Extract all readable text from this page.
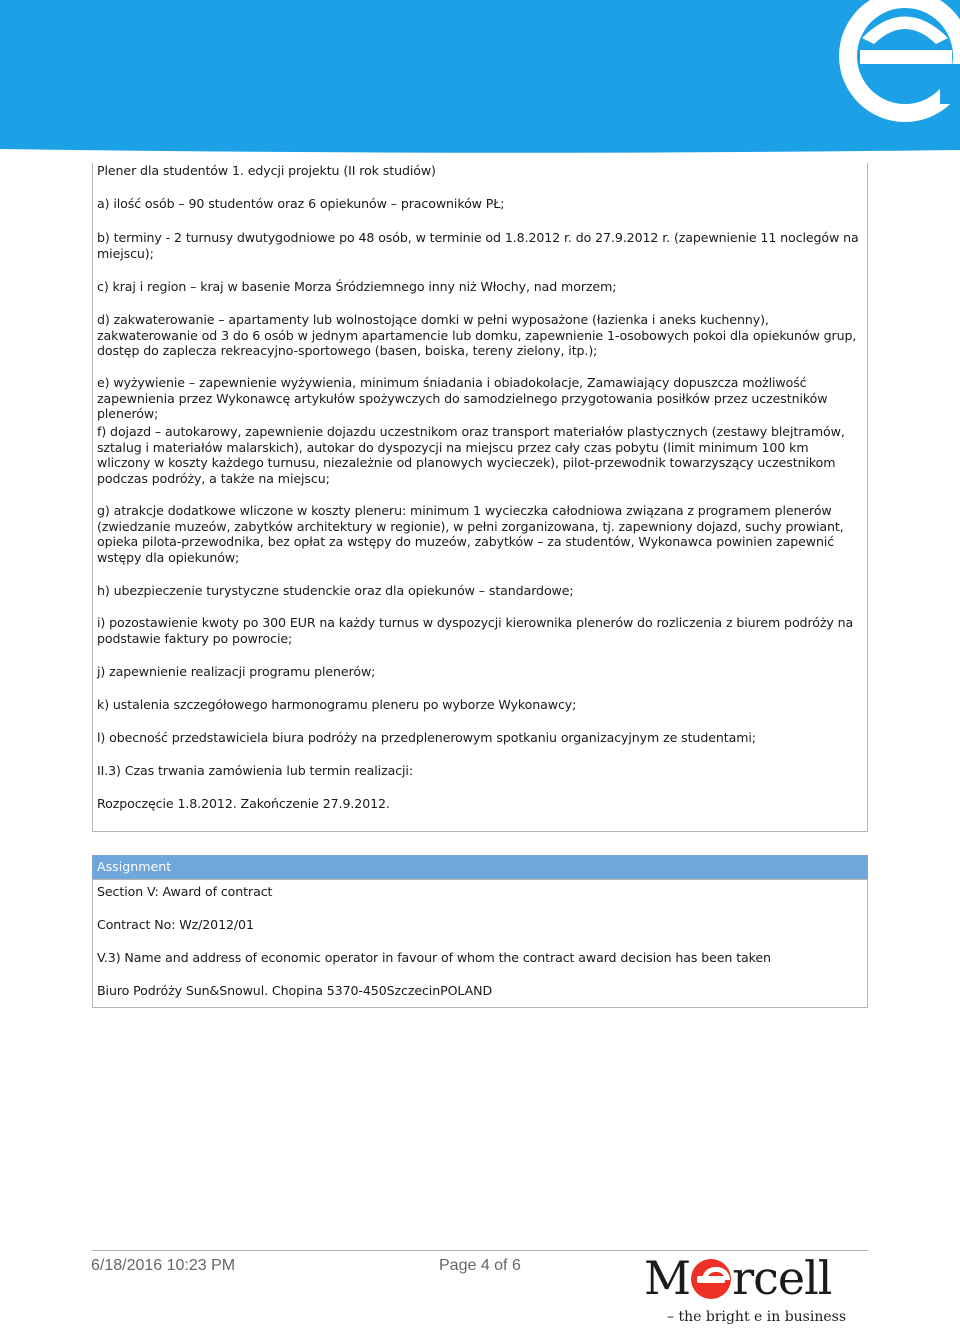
Plener dla studentów 1. edycji projektu (II rok studiów)

a) ilość osób – 90 studentów oraz 6 opiekunów – pracowników PŁ;

b) terminy - 2 turnusy dwutygodniowe po 48 osób, w terminie od 1.8.2012 r. do 27.9.2012 r. (zapewnienie 11 noclegów na miejscu);

c) kraj i region – kraj w basenie Morza Śródziemnego inny niż Włochy, nad morzem;

d) zakwaterowanie – apartamenty lub wolnostojące domki w pełni wyposażone (łazienka i aneks kuchenny), zakwaterowanie od 3 do 6 osób w jednym apartamencie lub domku, zapewnienie 1-osobowych pokoi dla opiekunów grup, dostęp do zaplecza rekreacyjno-sportowego (basen, boiska, tereny zielony, itp.);

e) wyżywienie – zapewnienie wyżywienia, minimum śniadania i obiadokolacje, Zamawiający dopuszcza możliwość zapewnienia przez Wykonawcę artykułów spożywczych do samodzielnego przygotowania posiłków przez uczestników plenerów;

f) dojazd – autokarowy, zapewnienie dojazdu uczestnikom oraz transport materiałów plastycznych (zestawy blejtramów, sztalug i materiałów malarskich), autokar do dyspozycji na miejscu przez cały czas pobytu (limit minimum 100 km wliczony w koszty każdego turnusu, niezależnie od planowych wycieczek), pilot-przewodnik towarzyszący uczestnikom podczas podróży, a także na miejscu;

g) atrakcje dodatkowe wliczone w koszty pleneru: minimum 1 wycieczka całodniowa związana z programem plenerów (zwiedzanie muzeów, zabytków architektury w regionie), w pełni zorganizowana, tj. zapewniony dojazd, suchy prowiant, opieka pilota-przewodnika, bez opłat za wstępy do muzeów, zabytków – za studentów, Wykonawca powinien zapewnić wstępy dla opiekunów;

h) ubezpieczenie turystyczne studenckie oraz dla opiekunów – standardowe;

i) pozostawienie kwoty po 300 EUR na każdy turnus w dyspozycji kierownika plenerów do rozliczenia z biurem podróży na podstawie faktury po powrocie;

j) zapewnienie realizacji programu plenerów;

k) ustalenia szczegółowego harmonogramu pleneru po wyborze Wykonawcy;

l) obecność przedstawiciela biura podróży na przedplenerowym spotkaniu organizacyjnym ze studentami;

II.3) Czas trwania zamówienia lub termin realizacji:

Rozpoczęcie 1.8.2012. Zakończenie 27.9.2012.

Assignment

Section V: Award of contract

Contract No: Wz/2012/01

V.3) Name and address of economic operator in favour of whom the contract award decision has been taken

Biuro Podróży Sun&Snowul. Chopina 5370-450SzczecinPOLAND

6/18/2016 10:23 PM	Page 4 of 6	M rcell
– the bright e in business
